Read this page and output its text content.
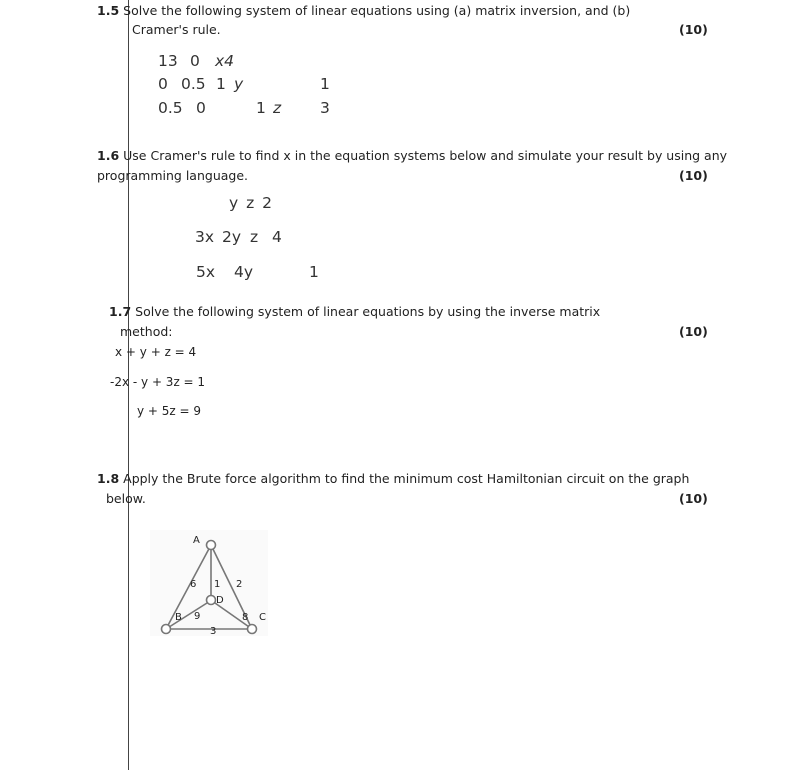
1.5 Solve the following system of linear equations using (a) matrix inversion, and (b)
Cramer's rule.	(10)
13 0 x4
0 0.5 1 y	1
0.5 0	1 z	3
1.6 Use Cramer's rule to find x in the equation systems below and simulate your result by using any
programming language.	(10)
y z 2
3x 2y z 4
5x 4y	1
1.7 Solve the following system of linear equations by using the inverse matrix
method:	(10)
x + y + z = 4
-2x - y + 3z = 1
y + 5z = 9
1.8 Apply the Brute force algorithm to find the minimum cost Hamiltonian circuit on the graph
below.	(10)
A
B	C
D
6 1 2
9	8
3
